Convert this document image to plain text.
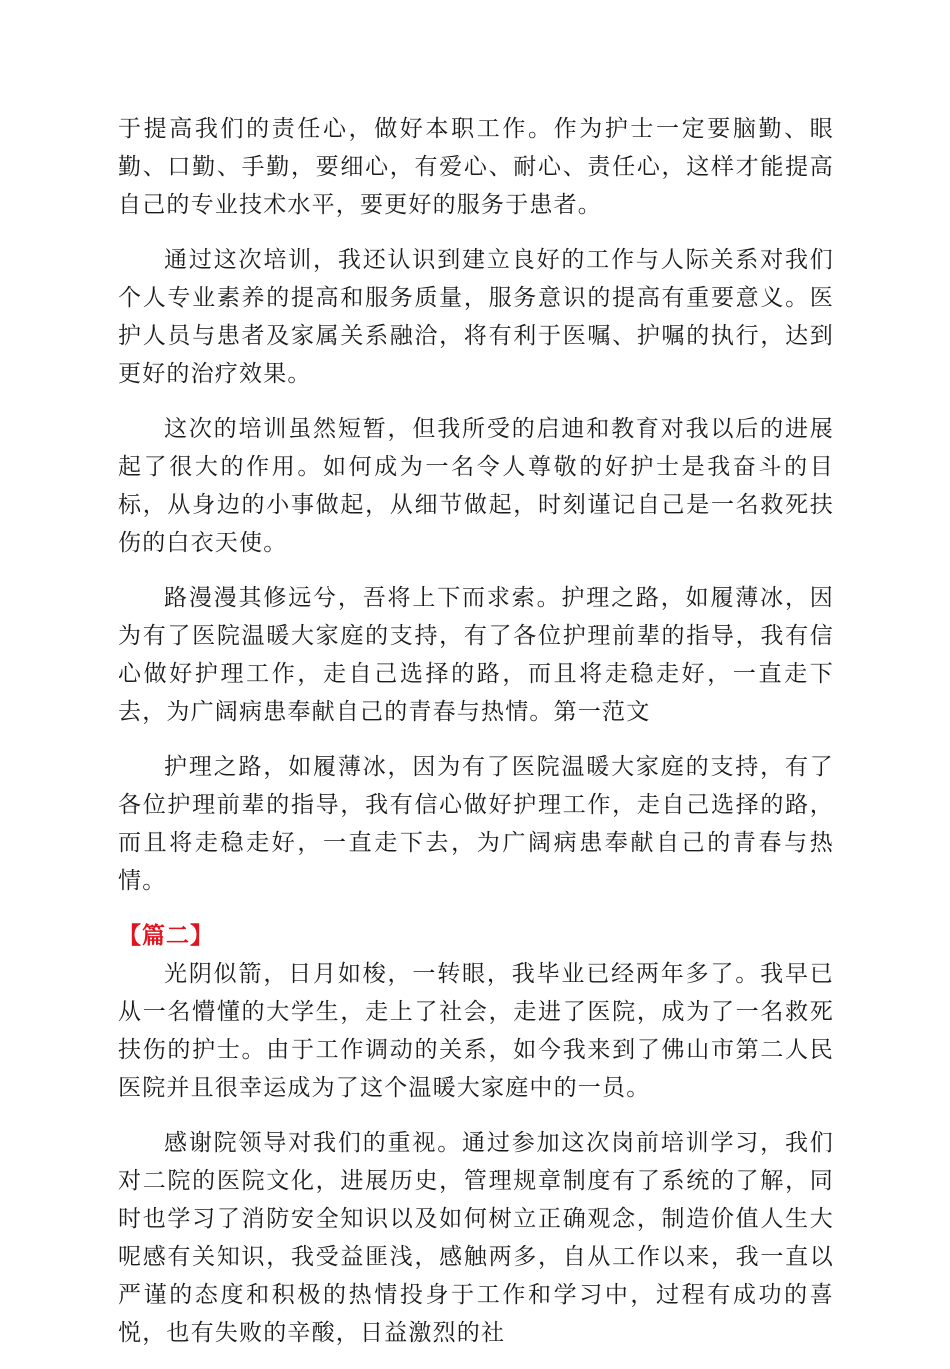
于提高我们的责任心，做好本职工作。作为护士一定要脑勤、眼勤、口勤、手勤，要细心，有爱心、耐心、责任心，这样才能提高自己的专业技术水平，要更好的服务于患者。

通过这次培训，我还认识到建立良好的工作与人际关系对我们个人专业素养的提高和服务质量，服务意识的提高有重要意义。医护人员与患者及家属关系融洽，将有利于医嘱、护嘱的执行，达到更好的治疗效果。

这次的培训虽然短暂，但我所受的启迪和教育对我以后的进展起了很大的作用。如何成为一名令人尊敬的好护士是我奋斗的目标，从身边的小事做起，从细节做起，时刻谨记自己是一名救死扶伤的白衣天使。

路漫漫其修远兮，吾将上下而求索。护理之路，如履薄冰，因为有了医院温暖大家庭的支持，有了各位护理前辈的指导，我有信心做好护理工作，走自己选择的路，而且将走稳走好，一直走下去，为广阔病患奉献自己的青春与热情。第一范文

护理之路，如履薄冰，因为有了医院温暖大家庭的支持，有了各位护理前辈的指导，我有信心做好护理工作，走自己选择的路，而且将走稳走好，一直走下去，为广阔病患奉献自己的青春与热情。

【篇二】

光阴似箭，日月如梭，一转眼，我毕业已经两年多了。我早已从一名懵懂的大学生，走上了社会，走进了医院，成为了一名救死扶伤的护士。由于工作调动的关系，如今我来到了佛山市第二人民医院并且很幸运成为了这个温暖大家庭中的一员。

感谢院领导对我们的重视。通过参加这次岗前培训学习，我们对二院的医院文化，进展历史，管理规章制度有了系统的了解，同时也学习了消防安全知识以及如何树立正确观念，制造价值人生大呢感有关知识，我受益匪浅，感触两多，自从工作以来，我一直以严谨的态度和积极的热情投身于工作和学习中，过程有成功的喜悦，也有失败的辛酸，日益激烈的社
